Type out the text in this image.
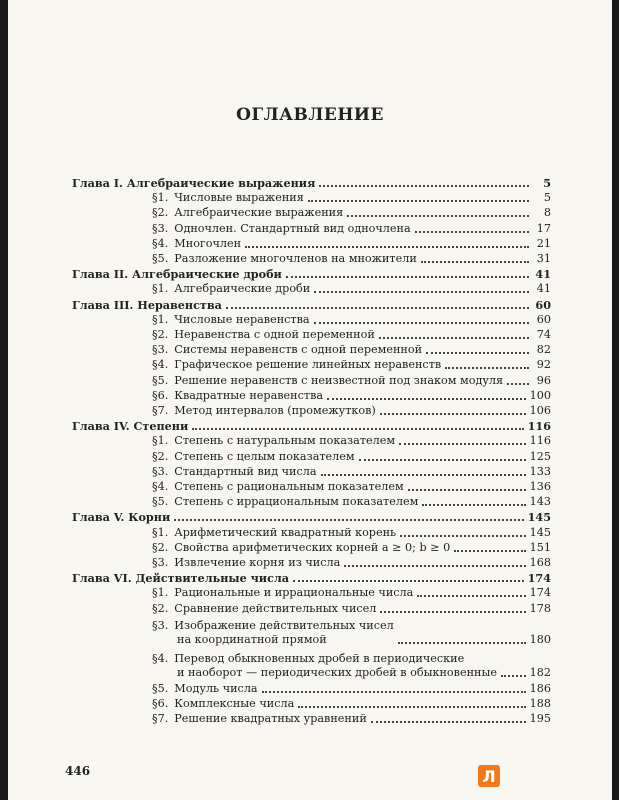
ОГЛАВЛЕНИЕ
Глава I. Алгебраические выражения	5
§1. Числовые выражения	5
§2. Алгебраические выражения	8
§3. Одночлен. Стандартный вид одночлена	17
§4. Многочлен	21
§5. Разложение многочленов на множители	31
Глава II. Алгебраические дроби	41
§1. Алгебраические дроби	41
Глава III. Неравенства	60
§1. Числовые неравенства	60
§2. Неравенства с одной переменной	74
§3. Системы неравенств с одной переменной	82
§4. Графическое решение линейных неравенств	92
§5. Решение неравенств с неизвестной под знаком модуля	96
§6. Квадратные неравенства	100
§7. Метод интервалов (промежутков)	106
Глава IV. Степени	116
§1. Степень с натуральным показателем	116
§2. Степень с целым показателем	125
§3. Стандартный вид числа	133
§4. Степень с рациональным показателем	136
§5. Степень с иррациональным показателем	143
Глава V. Корни	145
§1. Арифметический квадратный корень	145
§2. Свойства арифметических корней a ≥ 0; b ≥ 0	151
§3. Извлечение корня из числа	168
Глава VI. Действительные числа	174
§1. Рациональные и иррациональные числа	174
§2. Сравнение действительных чисел	178
§3. Изображение действительных чисел
на координатной прямой	180
§4. Перевод обыкновенных дробей в периодические
и наоборот — периодических дробей в обыкновенные	182
§5. Модуль числа	186
§6. Комплексные числа	188
§7. Решение квадратных уравнений	195
446	Л
